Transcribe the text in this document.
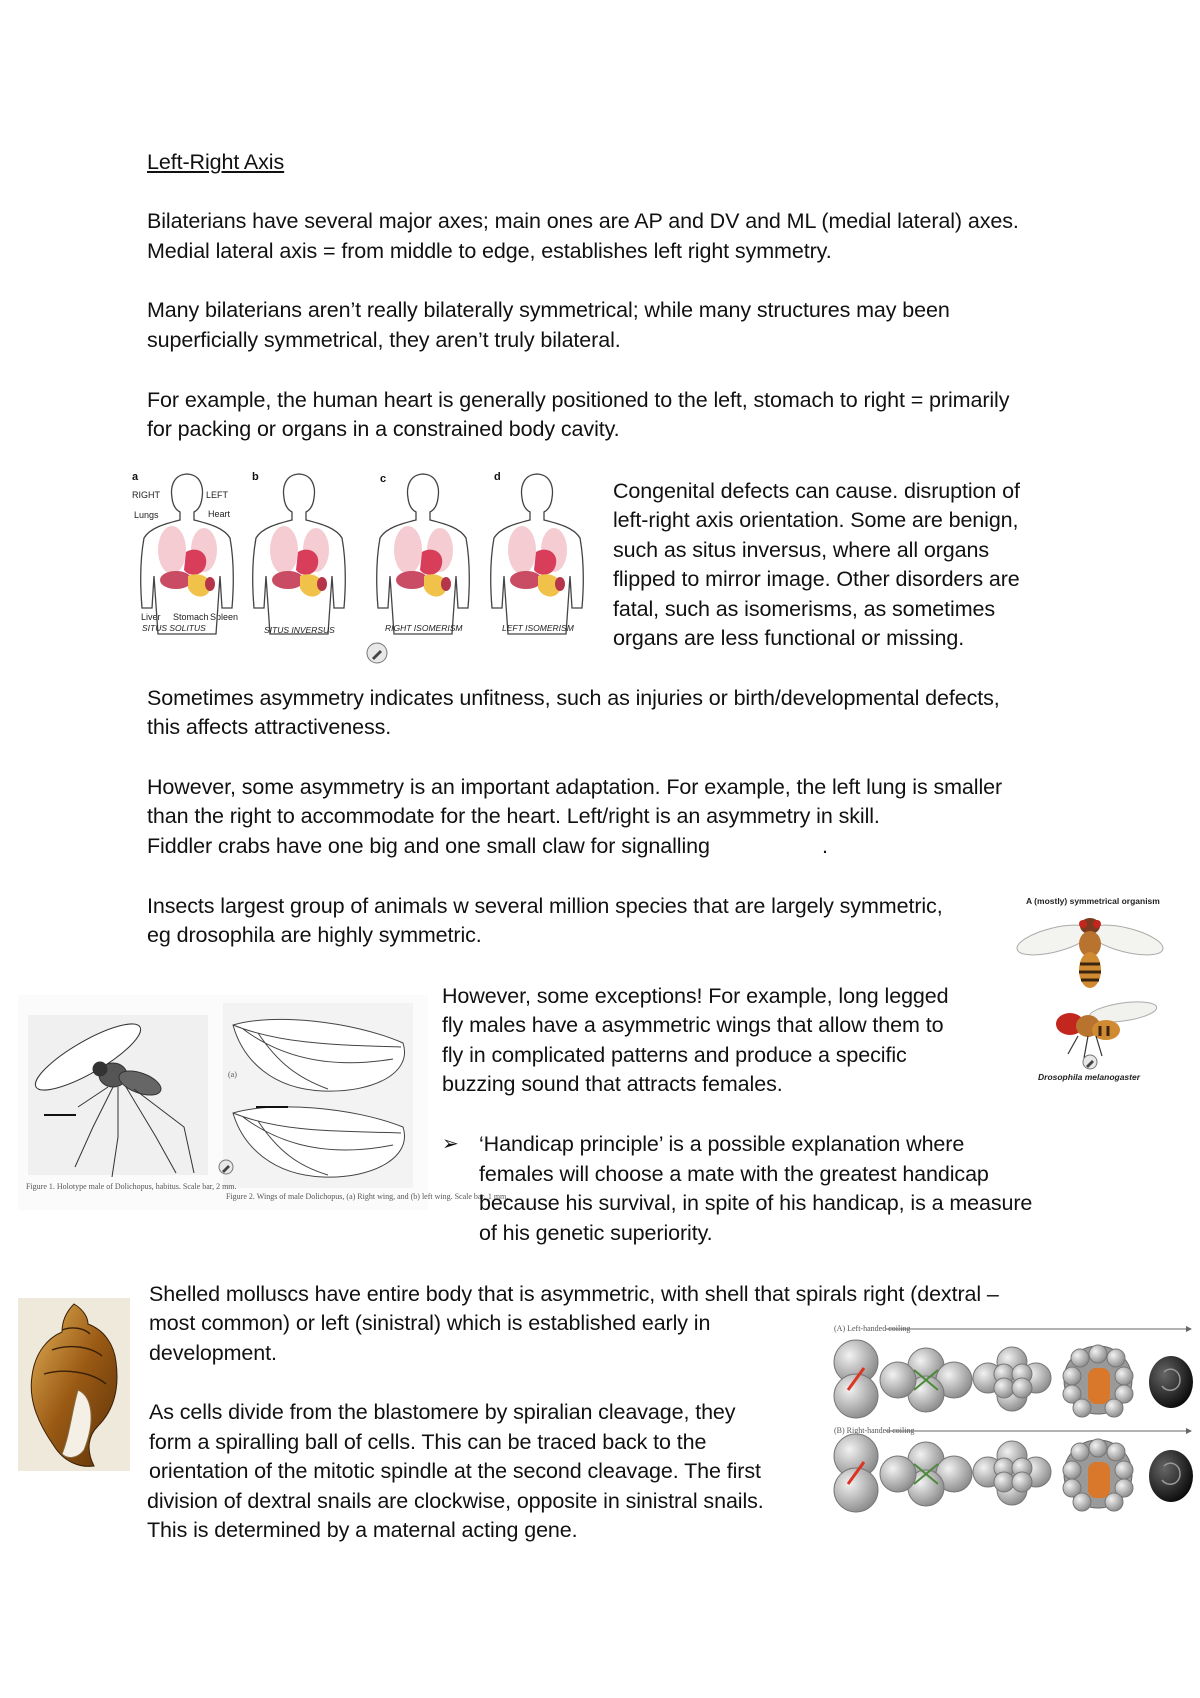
Left-Right Axis
Bilaterians have several major axes; main ones are AP and DV and ML (medial lateral) axes.
Medial lateral axis = from middle to edge, establishes left right symmetry.
Many bilaterians aren’t really bilaterally symmetrical; while many structures may been
superficially symmetrical, they aren’t truly bilateral.
For example, the human heart is generally positioned to the left, stomach to right = primarily
for packing or organs in a constrained body cavity.
a	b	c	d
RIGHT	LEFT
Lungs	Heart
Liver Stomach Spleen
SITUS SOLITUS	SITUS INVERSUS	RIGHT ISOMERISM	LEFT ISOMERISM
Congenital defects can cause. disruption of
left-right axis orientation. Some are benign,
such as situs inversus, where all organs
flipped to mirror image. Other disorders are
fatal, such as isomerisms, as sometimes
organs are less functional or missing.
Sometimes asymmetry indicates unfitness, such as injuries or birth/developmental defects,
this affects attractiveness.
However, some asymmetry is an important adaptation. For example, the left lung is smaller
than the right to accommodate for the heart. Left/right is an asymmetry in skill.
Fiddler crabs have one big and one small claw for signalling	.
Insects largest group of animals w several million species that are largely symmetric,
eg drosophila are highly symmetric.
A (mostly) symmetrical organism
Drosophila melanogaster
(a)
Figure 1. Holotype male of Dolichopus, habitus. Scale bar, 2 mm.
Figure 2. Wings of male Dolichopus, (a) Right wing, and (b) left wing. Scale bar, 1 mm.
However, some exceptions! For example, long legged
fly males have a asymmetric wings that allow them to
fly in complicated patterns and produce a specific
buzzing sound that attracts females.
➢ ‘Handicap principle’ is a possible explanation where
females will choose a mate with the greatest handicap
because his survival, in spite of his handicap, is a measure
of his genetic superiority.
Shelled molluscs have entire body that is asymmetric, with shell that spirals right (dextral –
most common) or left (sinistral) which is established early in
development.
As cells divide from the blastomere by spiralian cleavage, they
form a spiralling ball of cells. This can be traced back to the
orientation of the mitotic spindle at the second cleavage. The first
division of dextral snails are clockwise, opposite in sinistral snails.
This is determined by a maternal acting gene.
(A) Left-handed coiling
(B) Right-handed coiling
